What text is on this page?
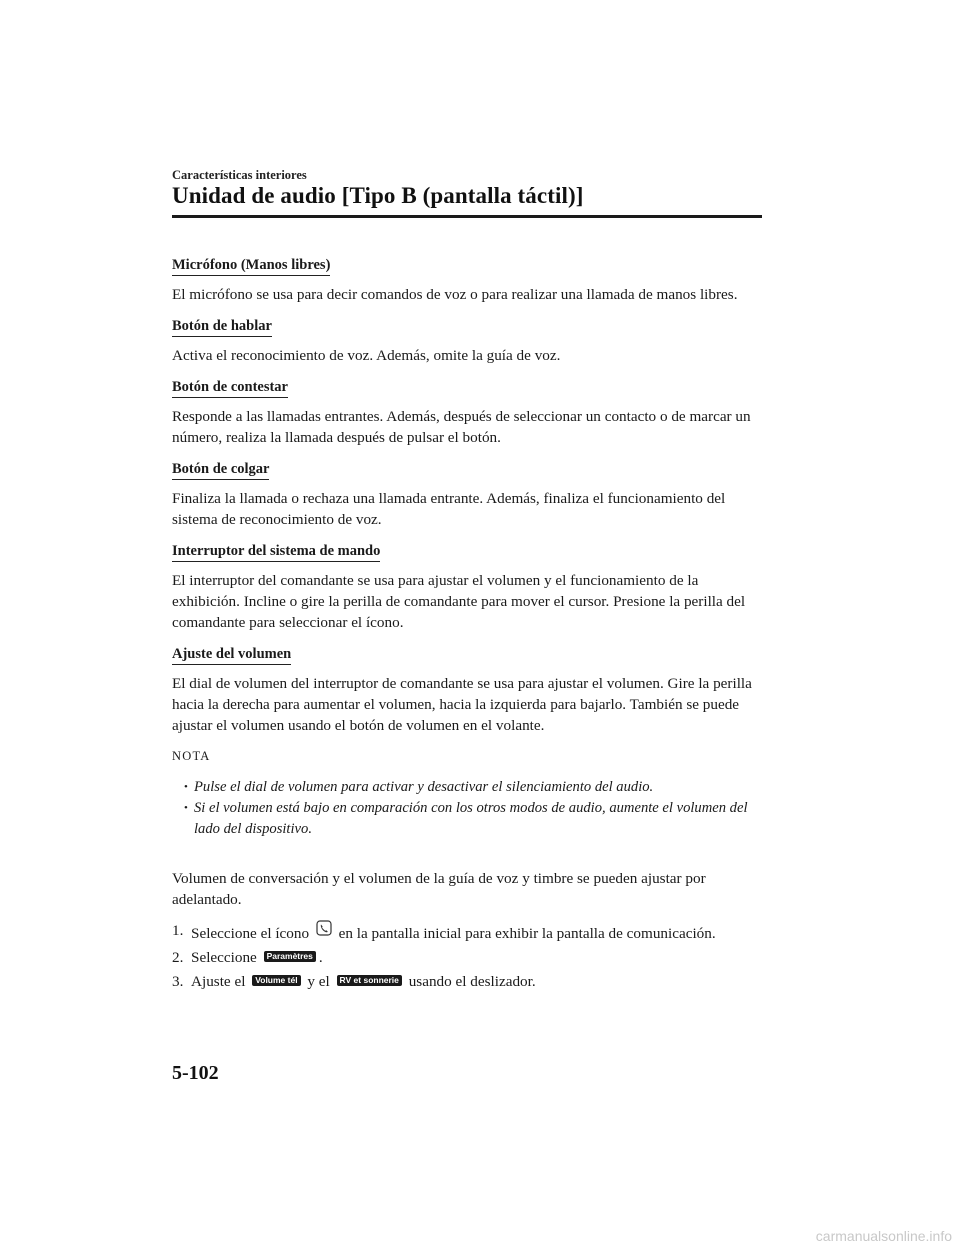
Características interiores
Unidad de audio [Tipo B (pantalla táctil)]
Micrófono (Manos libres)

El micrófono se usa para decir comandos de voz o para realizar una llamada de manos libres.

Botón de hablar

Activa el reconocimiento de voz. Además, omite la guía de voz.

Botón de contestar

Responde a las llamadas entrantes. Además, después de seleccionar un contacto o de marcar un número, realiza la llamada después de pulsar el botón.

Botón de colgar

Finaliza la llamada o rechaza una llamada entrante. Además, finaliza el funcionamiento del sistema de reconocimiento de voz.

Interruptor del sistema de mando

El interruptor del comandante se usa para ajustar el volumen y el funcionamiento de la exhibición. Incline o gire la perilla de comandante para mover el cursor. Presione la perilla del comandante para seleccionar el ícono.

Ajuste del volumen

El dial de volumen del interruptor de comandante se usa para ajustar el volumen. Gire la perilla hacia la derecha para aumentar el volumen, hacia la izquierda para bajarlo. También se puede ajustar el volumen usando el botón de volumen en el volante.

NOTA
• Pulse el dial de volumen para activar y desactivar el silenciamiento del audio.
• Si el volumen está bajo en comparación con los otros modos de audio, aumente el volumen del lado del dispositivo.

Volumen de conversación y el volumen de la guía de voz y timbre se pueden ajustar por adelantado.

1. Seleccione el ícono en la pantalla inicial para exhibir la pantalla de comunicación.
2. Seleccione Paramètres .
3. Ajuste el Volume tél y el RV et sonnerie usando el deslizador.
5-102
carmanualsonline.info
